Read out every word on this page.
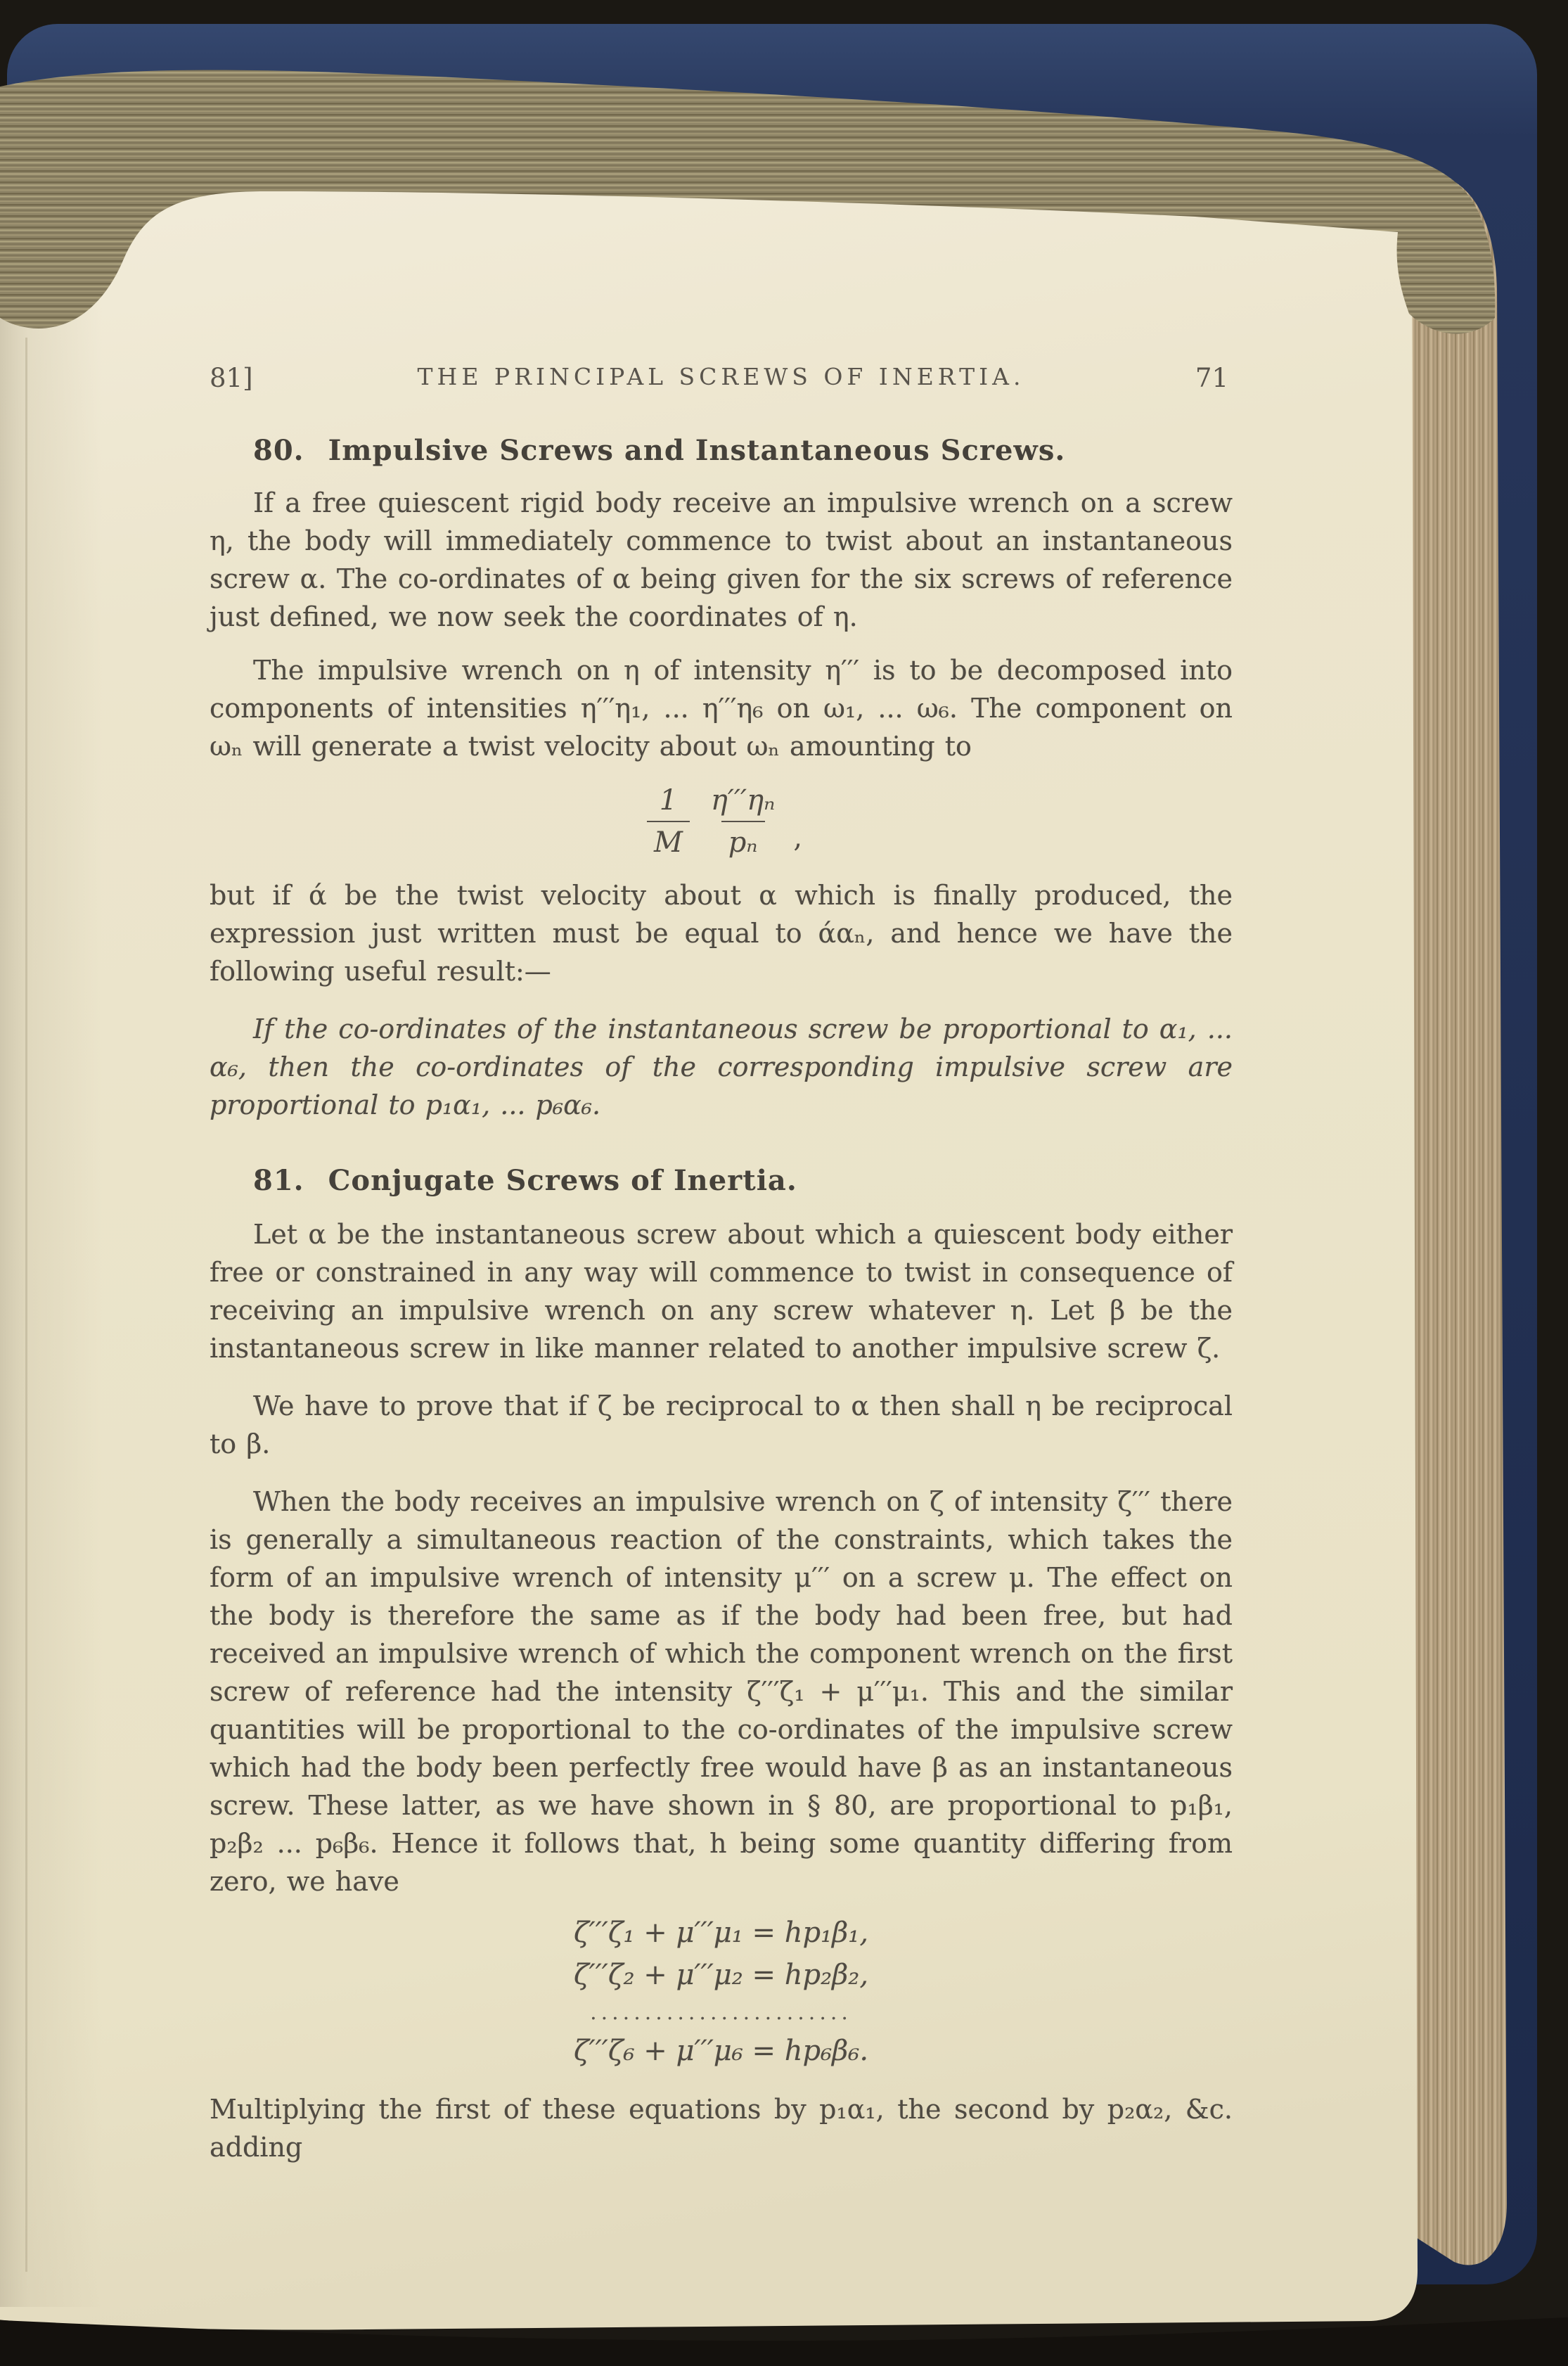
81]	THE PRINCIPAL SCREWS OF INERTIA.	71
80. Impulsive Screws and Instantaneous Screws.

If a free quiescent rigid body receive an impulsive wrench on a screw η, the body will immediately commence to twist about an instantaneous screw α. The co-ordinates of α being given for the six screws of reference just defined, we now seek the coordinates of η.

The impulsive wrench on η of intensity η′′′ is to be decomposed into components of intensities η′′′η₁, ... η′′′η₆ on ω₁, ... ω₆. The component on ωₙ will generate a twist velocity about ωₙ amounting to

$\frac{1}{M} \frac{\text{η′′′ηₙ}}{\text{pₙ}}$ ,

but if ά be the twist velocity about α which is finally produced, the expression just written must be equal to άαₙ, and hence we have the following useful result:—

If the co-ordinates of the instantaneous screw be proportional to α₁, ... α₆, then the co-ordinates of the corresponding impulsive screw are proportional to p₁α₁, ... p₆α₆.

81. Conjugate Screws of Inertia.

Let α be the instantaneous screw about which a quiescent body either free or constrained in any way will commence to twist in consequence of receiving an impulsive wrench on any screw whatever η. Let β be the instantaneous screw in like manner related to another impulsive screw ζ.

We have to prove that if ζ be reciprocal to α then shall η be reciprocal to β.

When the body receives an impulsive wrench on ζ of intensity ζ′′′ there is generally a simultaneous reaction of the constraints, which takes the form of an impulsive wrench of intensity μ′′′ on a screw μ. The effect on the body is therefore the same as if the body had been free, but had received an impulsive wrench of which the component wrench on the first screw of reference had the intensity ζ′′′ζ₁ + μ′′′μ₁. This and the similar quantities will be proportional to the co-ordinates of the impulsive screw which had the body been perfectly free would have β as an instantaneous screw. These latter, as we have shown in § 80, are proportional to p₁β₁, p₂β₂ ... p₆β₆. Hence it follows that, h being some quantity differing from zero, we have

ζ′′′ζ₁ + μ′′′μ₁ = hp₁β₁,
ζ′′′ζ₂ + μ′′′μ₂ = hp₂β₂,
........................
ζ′′′ζ₆ + μ′′′μ₆ = hp₆β₆.

Multiplying the first of these equations by p₁α₁, the second by p₂α₂, &c. adding
